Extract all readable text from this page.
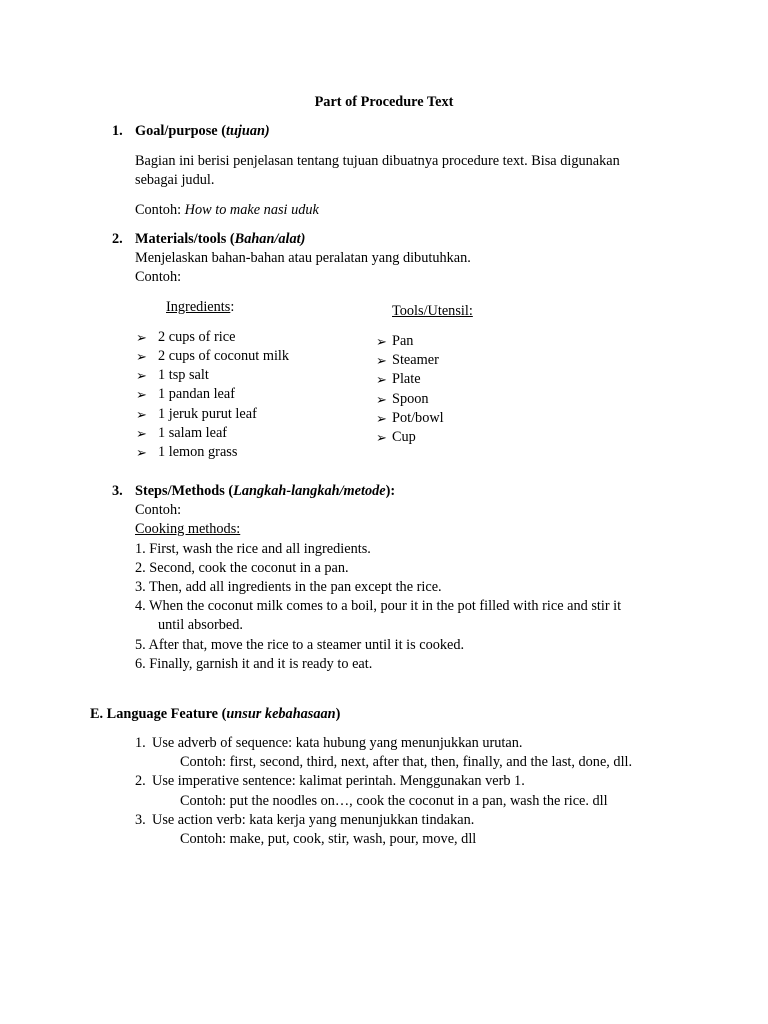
Part of Procedure Text
1. Goal/purpose (tujuan)
Bagian ini berisi penjelasan tentang tujuan dibuatnya procedure text. Bisa digunakan
sebagai judul.
Contoh: How to make nasi uduk
2. Materials/tools (Bahan/alat)
Menjelaskan bahan-bahan atau peralatan yang dibutuhkan.
Contoh:
Ingredients:	Tools/Utensil:
➢ 2 cups of rice
➢ 2 cups of coconut milk
➢ 1 tsp salt
➢ 1 pandan leaf
➢ 1 jeruk purut leaf
➢ 1 salam leaf
➢ 1 lemon grass
➢ Pan
➢ Steamer
➢ Plate
➢ Spoon
➢ Pot/bowl
➢ Cup
3. Steps/Methods (Langkah-langkah/metode):
Contoh:
Cooking methods:
1. First, wash the rice and all ingredients.
2. Second, cook the coconut in a pan.
3. Then, add all ingredients in the pan except the rice.
4. When the coconut milk comes to a boil, pour it in the pot filled with rice and stir it
until absorbed.
5. After that, move the rice to a steamer until it is cooked.
6. Finally, garnish it and it is ready to eat.
E. Language Feature (unsur kebahasaan)
1. Use adverb of sequence: kata hubung yang menunjukkan urutan.
Contoh: first, second, third, next, after that, then, finally, and the last, done, dll.
2. Use imperative sentence: kalimat perintah. Menggunakan verb 1.
Contoh: put the noodles on…, cook the coconut in a pan, wash the rice. dll
3. Use action verb: kata kerja yang menunjukkan tindakan.
Contoh: make, put, cook, stir, wash, pour, move, dll
